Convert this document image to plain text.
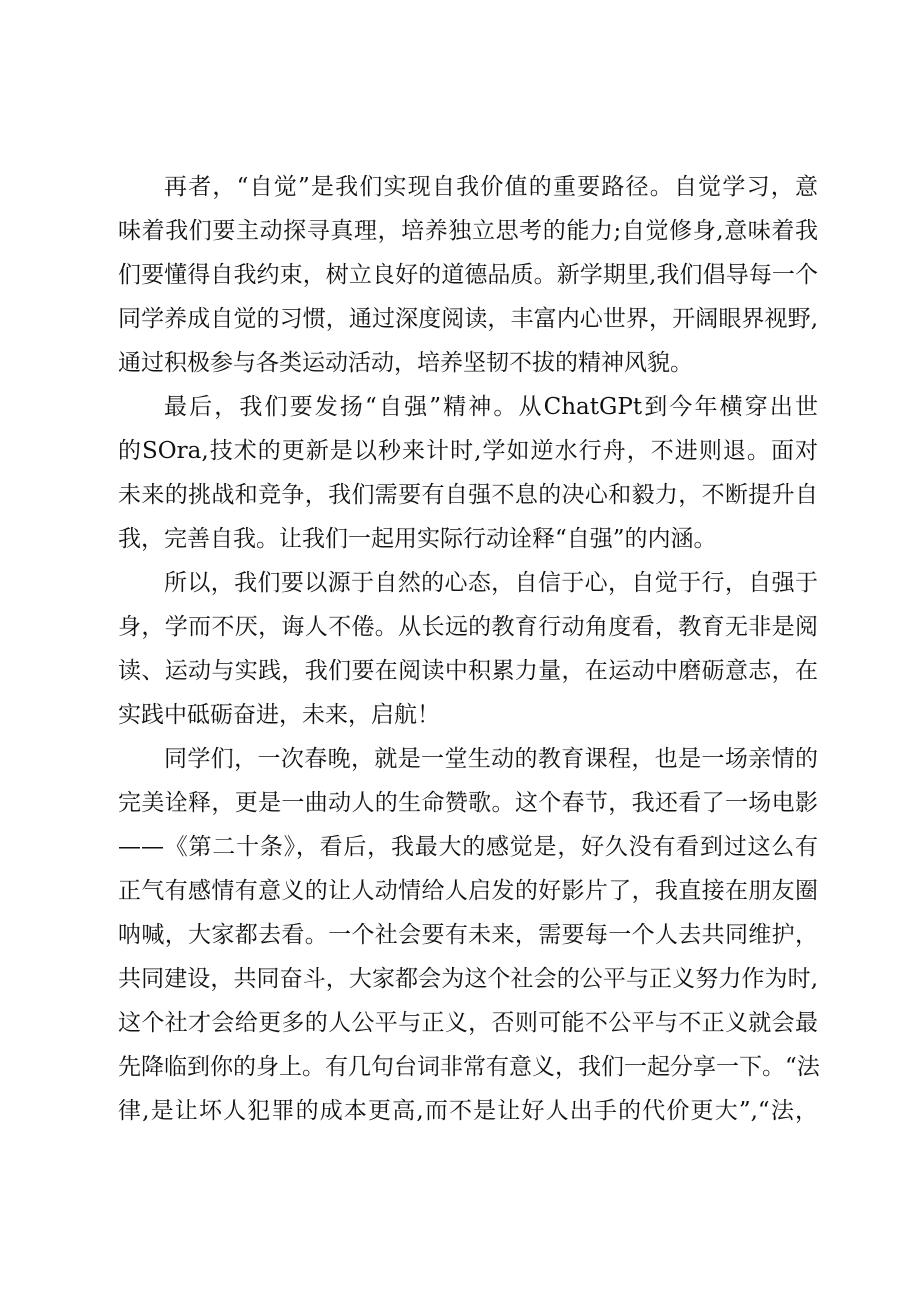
再者，“自觉”是我们实现自我价值的重要路径。自觉学习，意
味着我们要主动探寻真理，培养独立思考的能力;自觉修身,意味着我
们要懂得自我约束，树立良好的道德品质。新学期里,我们倡导每一个
同学养成自觉的习惯，通过深度阅读，丰富内心世界，开阔眼界视野,
通过积极参与各类运动活动，培养坚韧不拔的精神风貌。
最后，我们要发扬“自强”精神。从ChatGPt到今年横穿出世
的SOra,技术的更新是以秒来计时,学如逆水行舟，不进则退。面对
未来的挑战和竞争，我们需要有自强不息的决心和毅力，不断提升自
我，完善自我。让我们一起用实际行动诠释“自强”的内涵。
所以，我们要以源于自然的心态，自信于心，自觉于行，自强于
身，学而不厌，诲人不倦。从长远的教育行动角度看，教育无非是阅
读、运动与实践，我们要在阅读中积累力量，在运动中磨砺意志，在
实践中砥砺奋进，未来，启航！
同学们，一次春晚，就是一堂生动的教育课程，也是一场亲情的
完美诠释，更是一曲动人的生命赞歌。这个春节，我还看了一场电影
——《第二十条》，看后，我最大的感觉是，好久没有看到过这么有
正气有感情有意义的让人动情给人启发的好影片了，我直接在朋友圈
呐喊，大家都去看。一个社会要有未来，需要每一个人去共同维护，
共同建设，共同奋斗，大家都会为这个社会的公平与正义努力作为时,
这个社才会给更多的人公平与正义，否则可能不公平与不正义就会最
先降临到你的身上。有几句台词非常有意义，我们一起分享一下。“法
律,是让坏人犯罪的成本更高,而不是让好人出手的代价更大”,“法，
